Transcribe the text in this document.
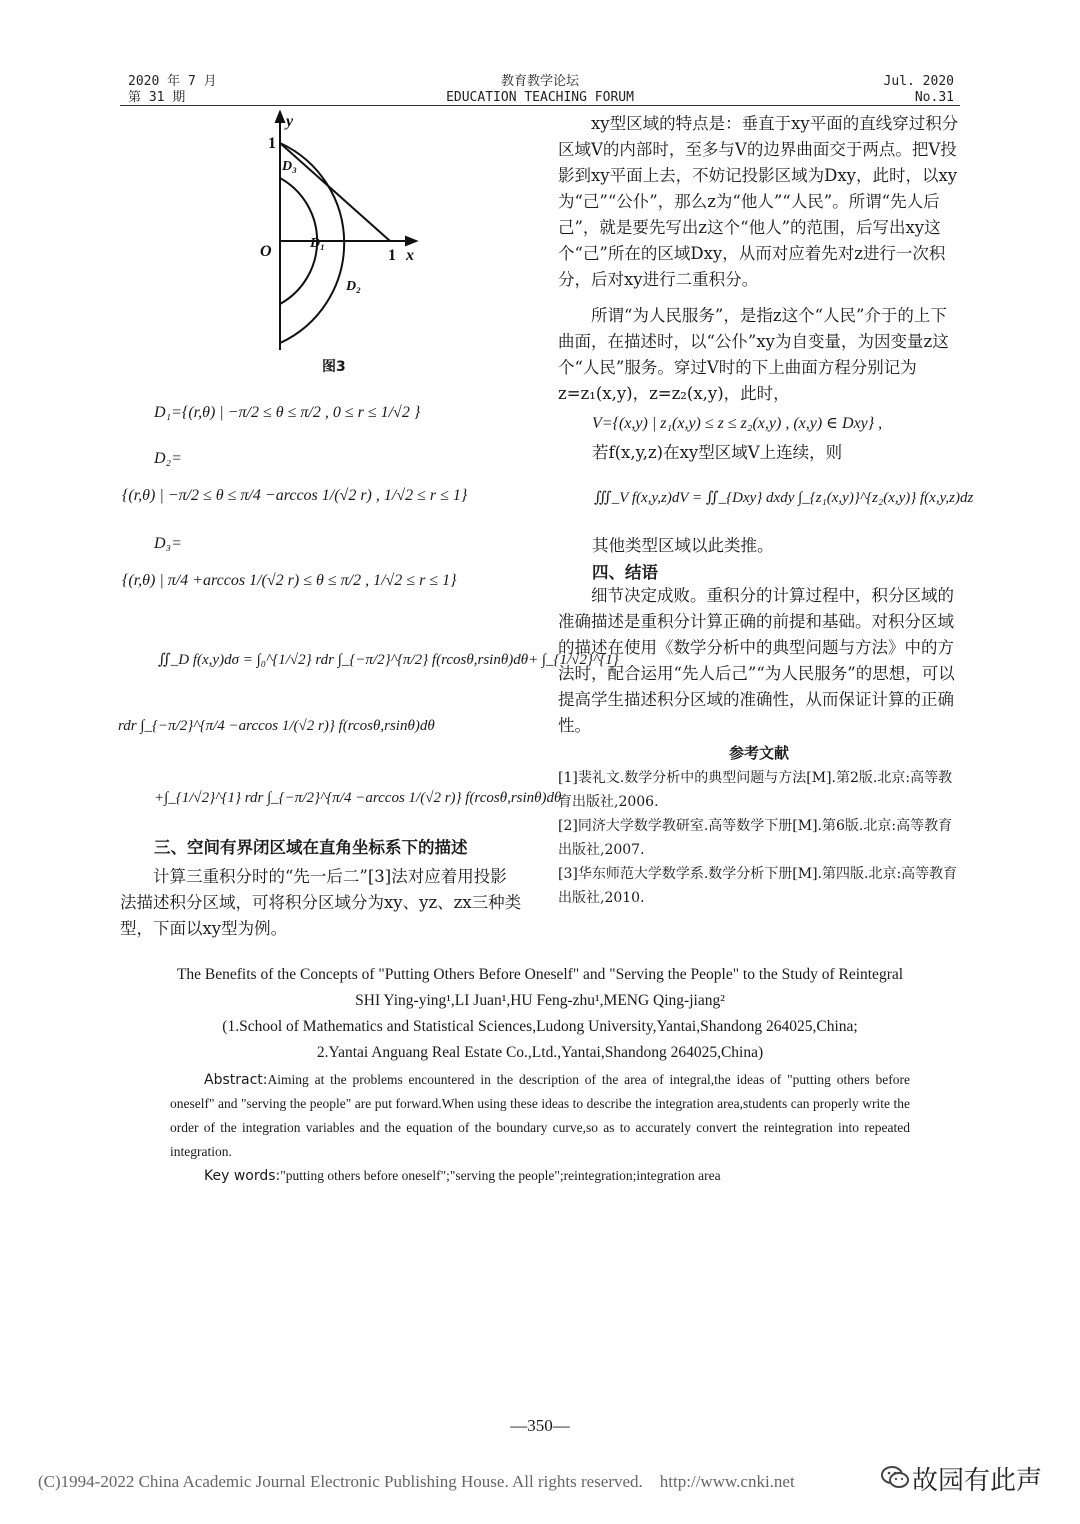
2020 年 7 月
第 31 期
教育教学论坛
EDUCATION TEACHING FORUM
Jul. 2020
No.31
y
1
D₃
O	D₁
1 x
D₂
图3
D₁={(r,θ) | −π/2 ≤ θ ≤ π/2 , 0 ≤ r ≤ 1/√2 }
D₂=
{(r,θ) | −π/2 ≤ θ ≤ π/4 −arccos 1/(√2 r) , 1/√2 ≤ r ≤ 1}
D₃=
{(r,θ) | π/4 +arccos 1/(√2 r) ≤ θ ≤ π/2 , 1/√2 ≤ r ≤ 1}
∬_D f(x,y)dσ = ∫₀^{1/√2} rdr ∫_{−π/2}^{π/2} f(rcosθ,rsinθ)dθ+ ∫_{1/√2}^{1}
rdr ∫_{−π/2}^{π/4 −arccos 1/(√2 r)} f(rcosθ,rsinθ)dθ
+∫_{1/√2}^{1} rdr ∫_{−π/2}^{π/4 −arccos 1/(√2 r)} f(rcosθ,rsinθ)dθ
三、空间有界闭区域在直角坐标系下的描述

计算三重积分时的“先一后二”[3]法对应着用投影法描述积分区域，可将积分区域分为xy、yz、zx三种类型，下面以xy型为例。

xy型区域的特点是：垂直于xy平面的直线穿过积分区域V的内部时，至多与V的边界曲面交于两点。把V投影到xy平面上去，不妨记投影区域为Dxy，此时，以xy为“己”“公仆”，那么z为“他人”“人民”。所谓“先人后己”，就是要先写出z这个“他人”的范围，后写出xy这个“己”所在的区域Dxy，从而对应着先对z进行一次积分，后对xy进行二重积分。

所谓“为人民服务”，是指z这个“人民”介于的上下曲面，在描述时，以“公仆”xy为自变量，为因变量z这个“人民”服务。穿过V时的下上曲面方程分别记为z=z₁(x,y)，z=z₂(x,y)，此时，

V={(x,y) | z₁(x,y) ≤ z ≤ z₂(x,y) , (x,y) ∈ Dxy} ,

若f(x,y,z)在xy型区域V上连续，则

∭_V f(x,y,z)dV = ∬_{Dxy} dxdy ∫_{z₁(x,y)}^{z₂(x,y)} f(x,y,z)dz

其他类型区域以此类推。

四、结语

细节决定成败。重积分的计算过程中，积分区域的准确描述是重积分计算正确的前提和基础。对积分区域的描述在使用《数学分析中的典型问题与方法》中的方法时，配合运用“先人后己”“为人民服务”的思想，可以提高学生描述积分区域的准确性，从而保证计算的正确性。

参考文献

[1]裴礼文.数学分析中的典型问题与方法[M].第2版.北京:高等教育出版社,2006.

[2]同济大学数学教研室.高等数学下册[M].第6版.北京:高等教育出版社,2007.

[3]华东师范大学数学系.数学分析下册[M].第四版.北京:高等教育出版社,2010.

The Benefits of the Concepts of "Putting Others Before Oneself" and "Serving the People" to the Study of Reintegral
SHI Ying-ying¹,LI Juan¹,HU Feng-zhu¹,MENG Qing-jiang²
(1.School of Mathematics and Statistical Sciences,Ludong University,Yantai,Shandong 264025,China;
2.Yantai Anguang Real Estate Co.,Ltd.,Yantai,Shandong 264025,China)
Abstract:Aiming at the problems encountered in the description of the area of integral,the ideas of "putting others before oneself" and "serving the people" are put forward.When using these ideas to describe the integration area,students can properly write the order of the integration variables and the equation of the boundary curve,so as to accurately convert the reintegration into repeated integration.
Key words:"putting others before oneself";"serving the people";reintegration;integration area
—350—
(C)1994-2022 China Academic Journal Electronic Publishing House. All rights reserved.    http://www.cnki.net	故园有此声
